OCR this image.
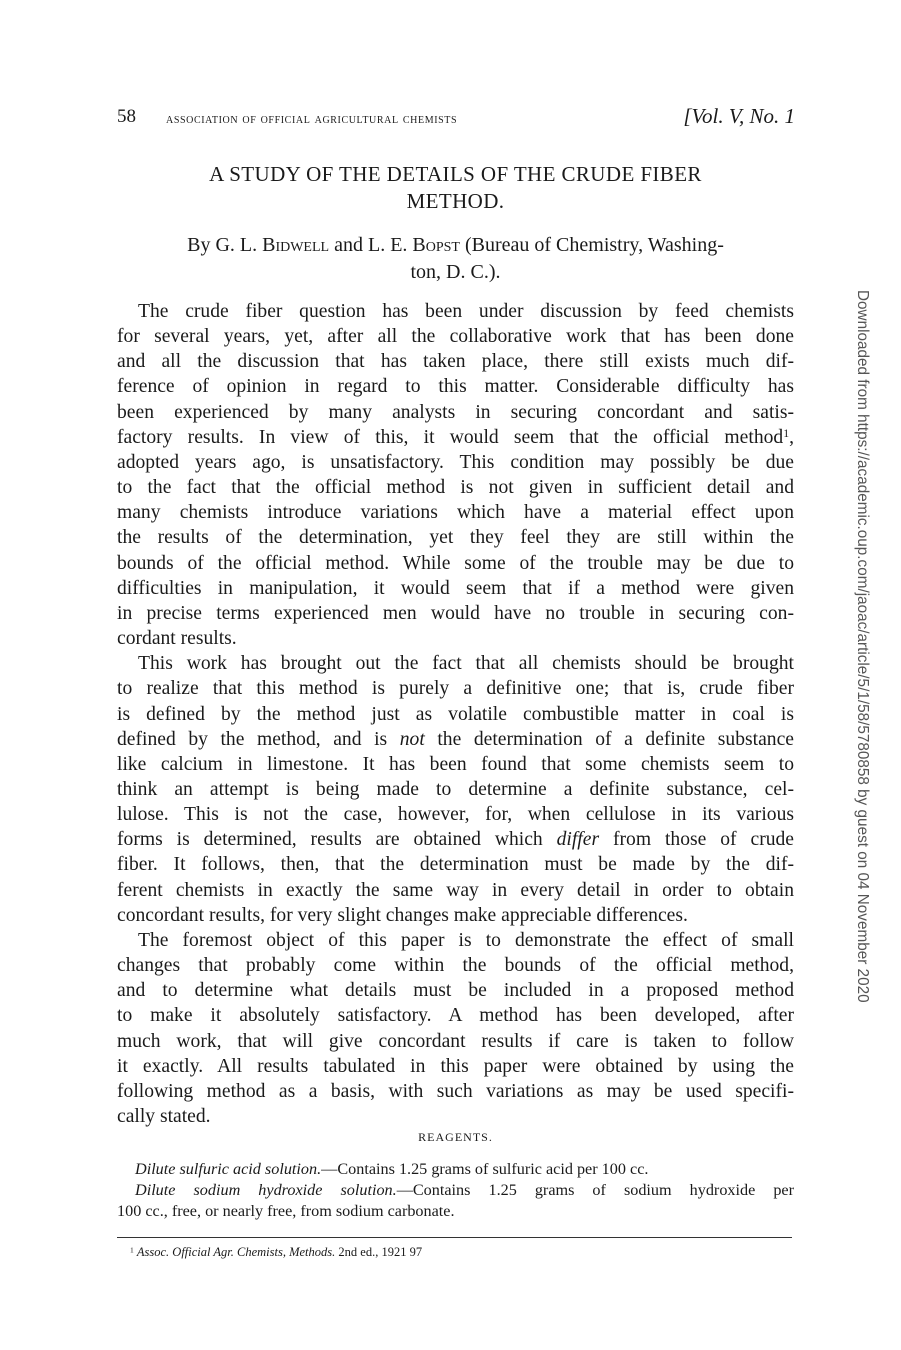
58 association of official agricultural chemists	[Vol. V, No. 1
A STUDY OF THE DETAILS OF THE CRUDE FIBER
METHOD.
By G. L. Bidwell and L. E. Bopst (Bureau of Chemistry, Washing-
ton, D. C.).
The crude fiber question has been under discussion by feed chemists
for several years, yet, after all the collaborative work that has been done
and all the discussion that has taken place, there still exists much dif-
ference of opinion in regard to this matter. Considerable difficulty has
been experienced by many analysts in securing concordant and satis-
factory results. In view of this, it would seem that the official method$^1$,
adopted years ago, is unsatisfactory. This condition may possibly be due
to the fact that the official method is not given in sufficient detail and
many chemists introduce variations which have a material effect upon
the results of the determination, yet they feel they are still within the
bounds of the official method. While some of the trouble may be due to
difficulties in manipulation, it would seem that if a method were given
in precise terms experienced men would have no trouble in securing con-
cordant results.
This work has brought out the fact that all chemists should be brought
to realize that this method is purely a definitive one; that is, crude fiber
is defined by the method just as volatile combustible matter in coal is
defined by the method, and is not the determination of a definite substance
like calcium in limestone. It has been found that some chemists seem to
think an attempt is being made to determine a definite substance, cel-
lulose. This is not the case, however, for, when cellulose in its various
forms is determined, results are obtained which differ from those of crude
fiber. It follows, then, that the determination must be made by the dif-
ferent chemists in exactly the same way in every detail in order to obtain
concordant results, for very slight changes make appreciable differences.
The foremost object of this paper is to demonstrate the effect of small
changes that probably come within the bounds of the official method,
and to determine what details must be included in a proposed method
to make it absolutely satisfactory. A method has been developed, after
much work, that will give concordant results if care is taken to follow
it exactly. All results tabulated in this paper were obtained by using the
following method as a basis, with such variations as may be used specifi-
cally stated.
REAGENTS.
Dilute sulfuric acid solution.—Contains 1.25 grams of sulfuric acid per 100 cc.
Dilute sodium hydroxide solution.—Contains 1.25 grams of sodium hydroxide per
100 cc., free, or nearly free, from sodium carbonate.
$^1$ Assoc. Official Agr. Chemists, Methods. 2nd ed., 1921 97
Downloaded from https://academic.oup.com/jaoac/article/5/1/58/5780858 by guest on 04 November 2020
